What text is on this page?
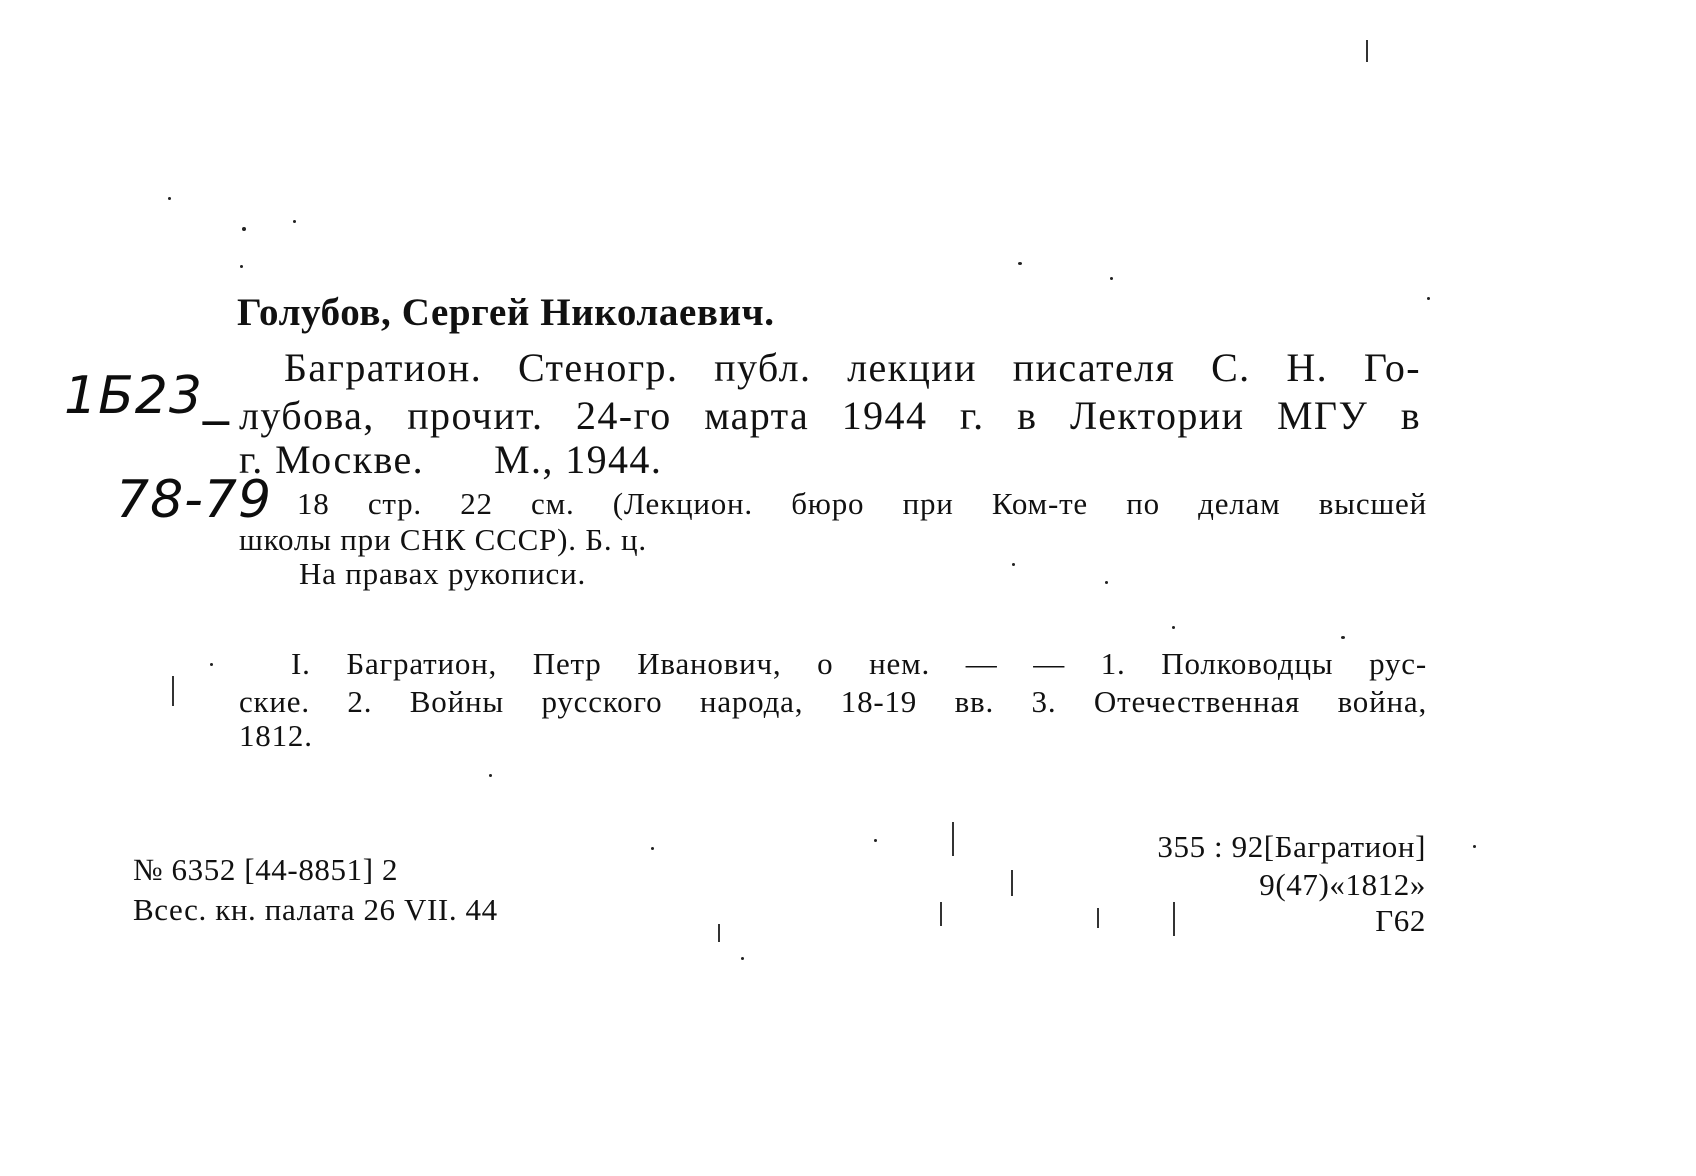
1Б23_
78-79
Голубов, Сергей Николаевич.
Багратион. Стеногр. публ. лекции писателя С. Н. Го-
лубова, прочит. 24-го марта 1944 г. в Лектории МГУ в
г. Москве. М., 1944.
18 стр. 22 см. (Лекцион. бюро при Ком-те по делам высшей
школы при СНК СССР). Б. ц.
На правах рукописи.
I. Багратион, Петр Иванович, о нем. — — 1. Полководцы рус-
ские. 2. Войны русского народа, 18-19 вв. 3. Отечественная война,
1812.
№ 6352 [44-8851] 2
Всес. кн. палата 26 VII. 44
355 : 92[Багратион]
9(47)«1812»
Г62
